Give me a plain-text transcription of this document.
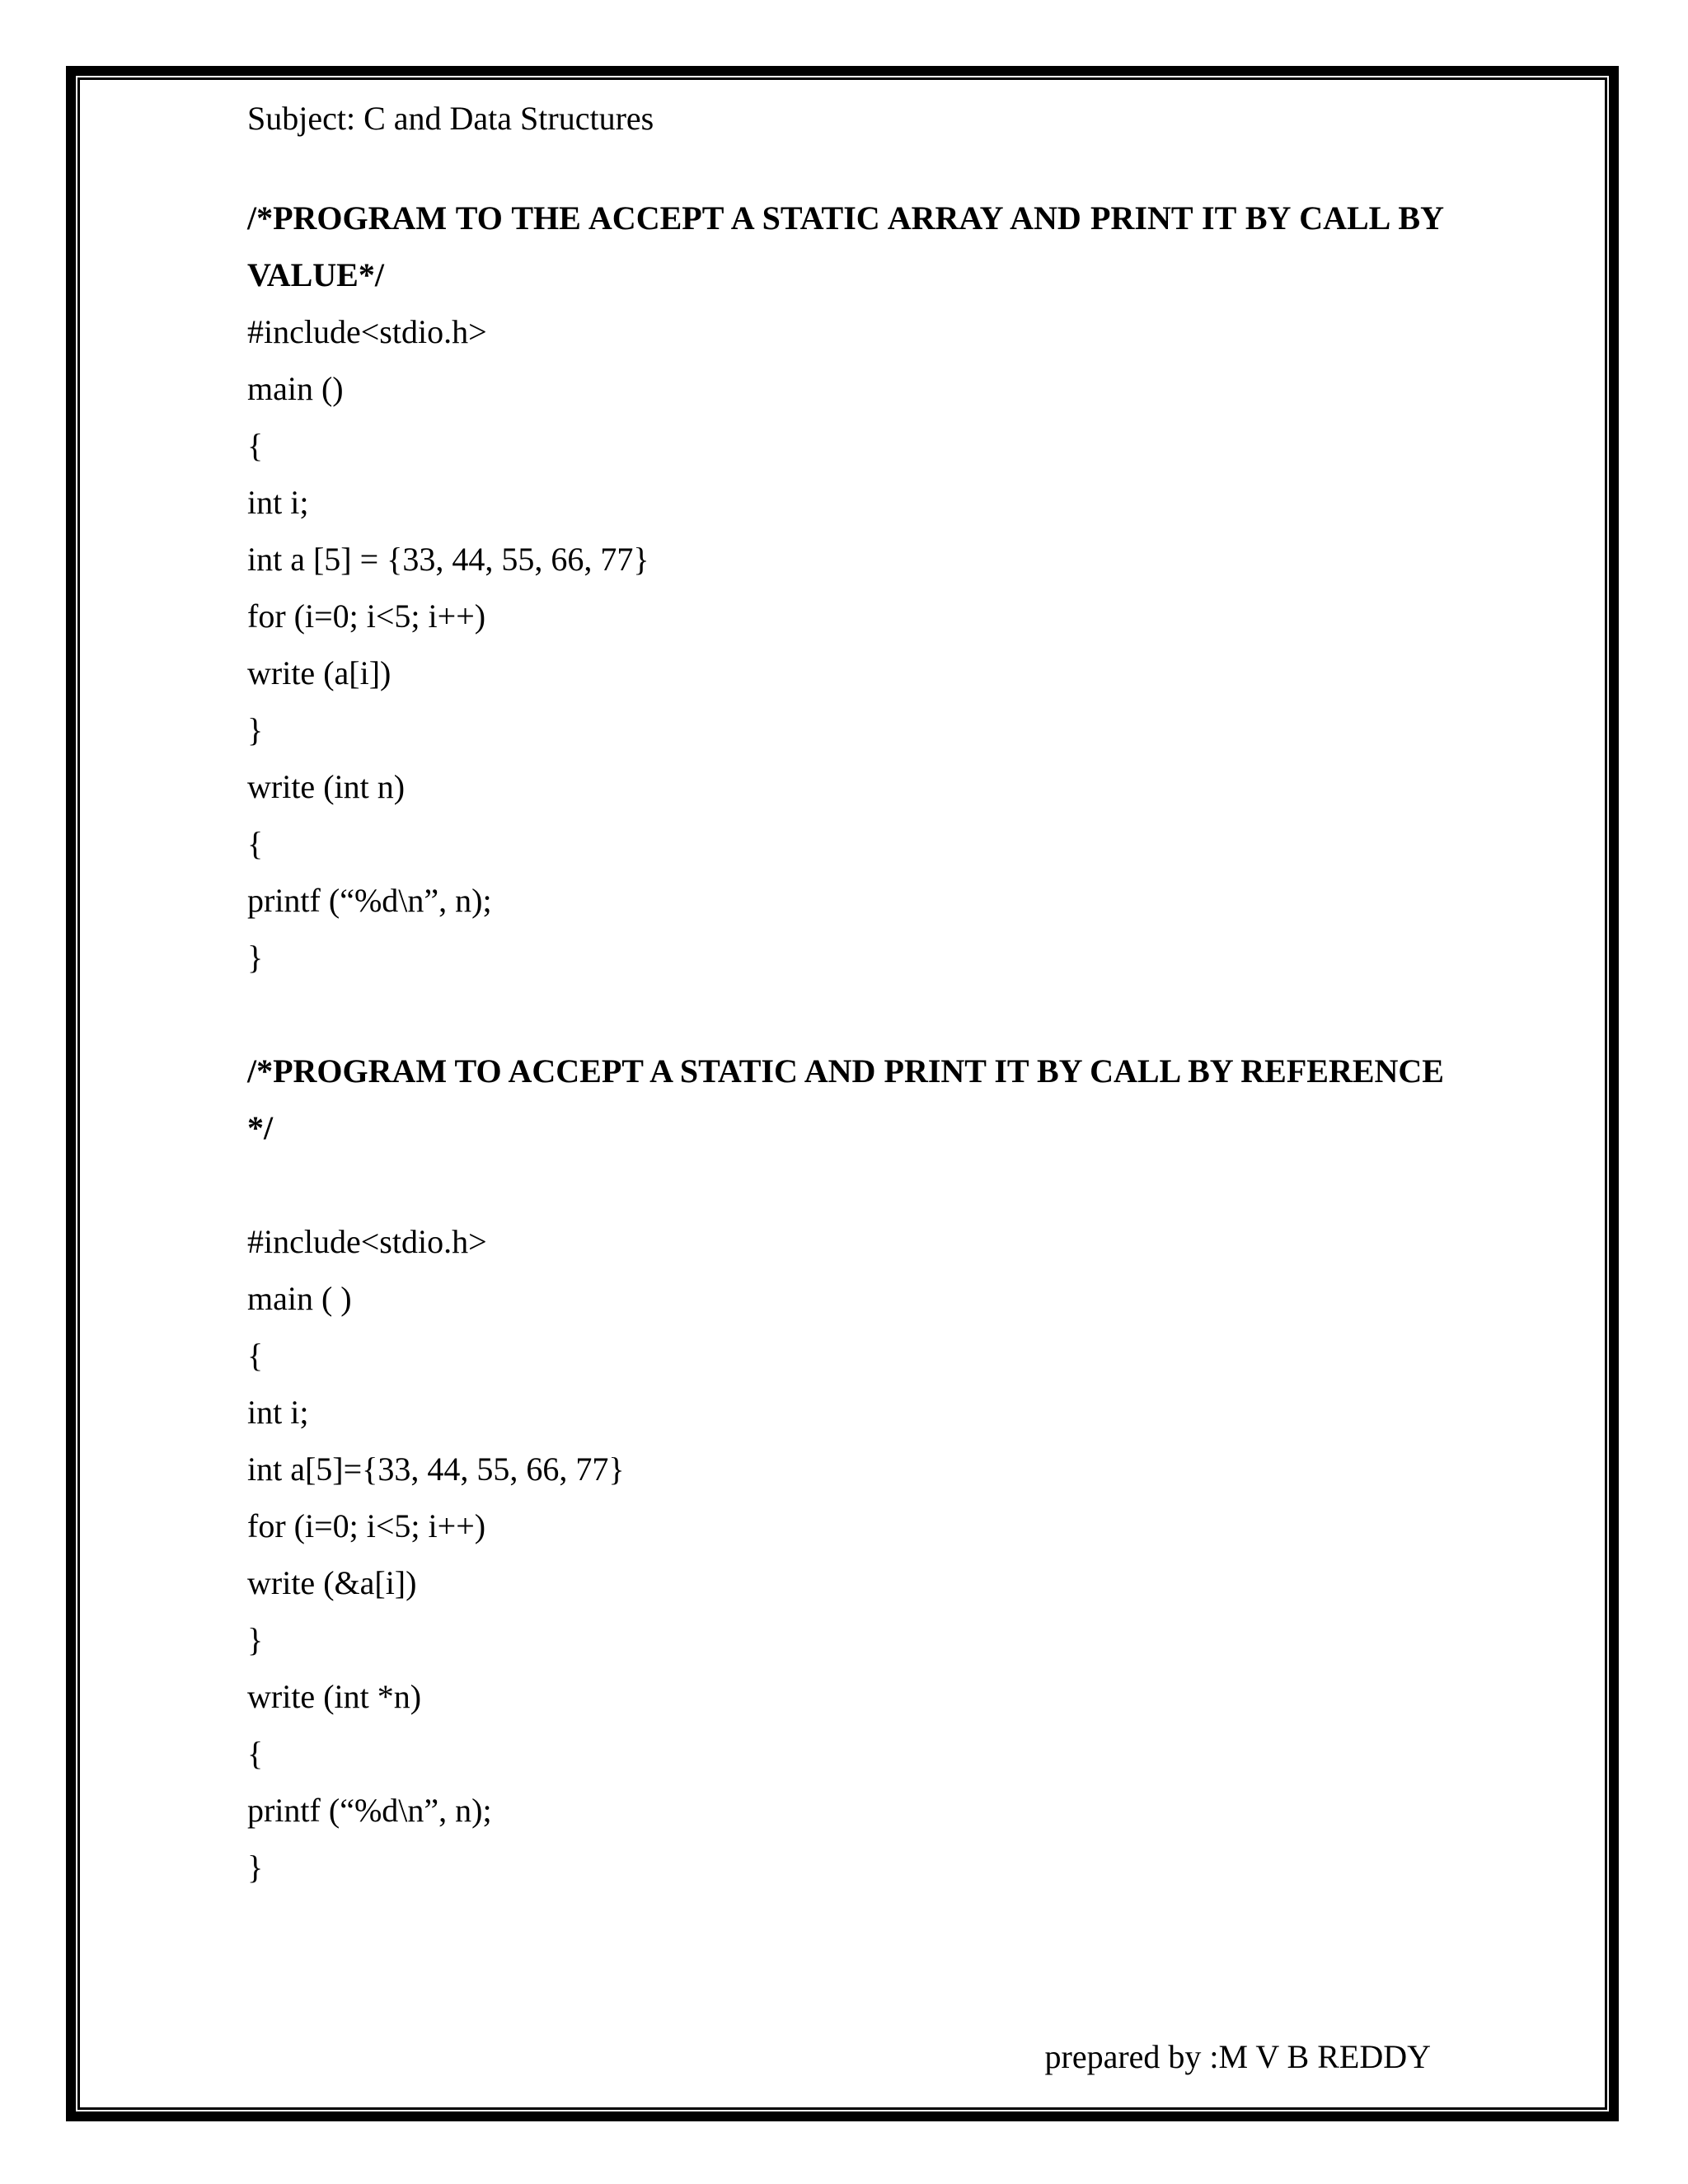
Subject: C and Data Structures
/*PROGRAM TO THE ACCEPT A STATIC ARRAY AND PRINT IT BY CALL BY VALUE*/
#include<stdio.h>
main ()
{
int i;
int a [5] = {33, 44, 55, 66, 77}
for (i=0; i<5; i++)
write (a[i])
}
write (int n)
{
printf (“%d\n”, n);
}
/*PROGRAM TO ACCEPT A STATIC AND PRINT IT BY CALL BY REFERENCE */
#include<stdio.h>
main ( )
{
int i;
int a[5]={33, 44, 55, 66, 77}
for (i=0; i<5; i++)
write (&a[i])
}
write (int *n)
{
printf (“%d\n”, n);
}
prepared by :M V B REDDY
